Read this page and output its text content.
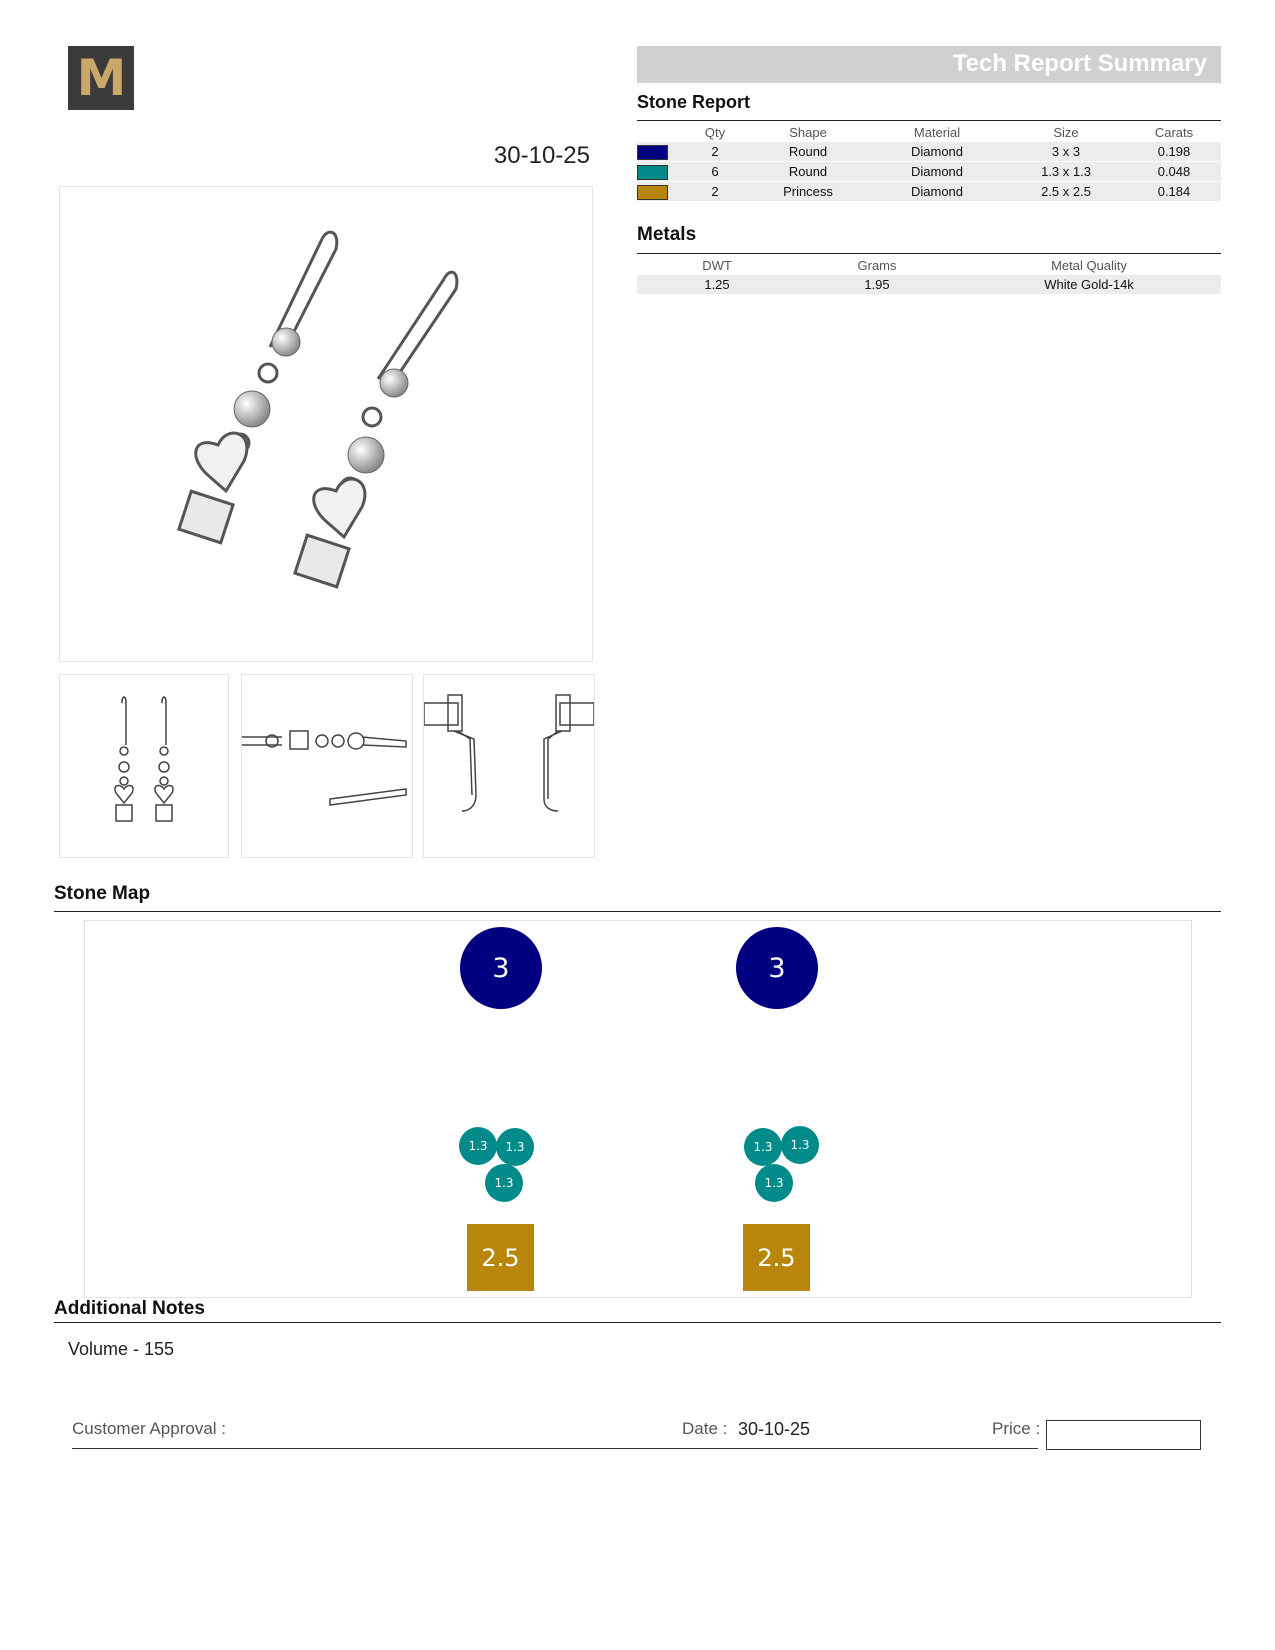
M
30-10-25
Tech Report Summary
Stone Report
	Qty	Shape	Material	Size	Carats
	2	Round	Diamond	3 x 3	0.198
	6	Round	Diamond	1.3 x 1.3	0.048
	2	Princess	Diamond	2.5 x 2.5	0.184
Metals
DWT	Grams	Metal Quality
1.25	1.95	White Gold-14k
Stone Map
3
1.3	1.3
1.3
2.5
3
1.3	1.3
1.3
2.5
Additional Notes
Volume - 155
Customer Approval :	Date : 30-10-25	Price :
